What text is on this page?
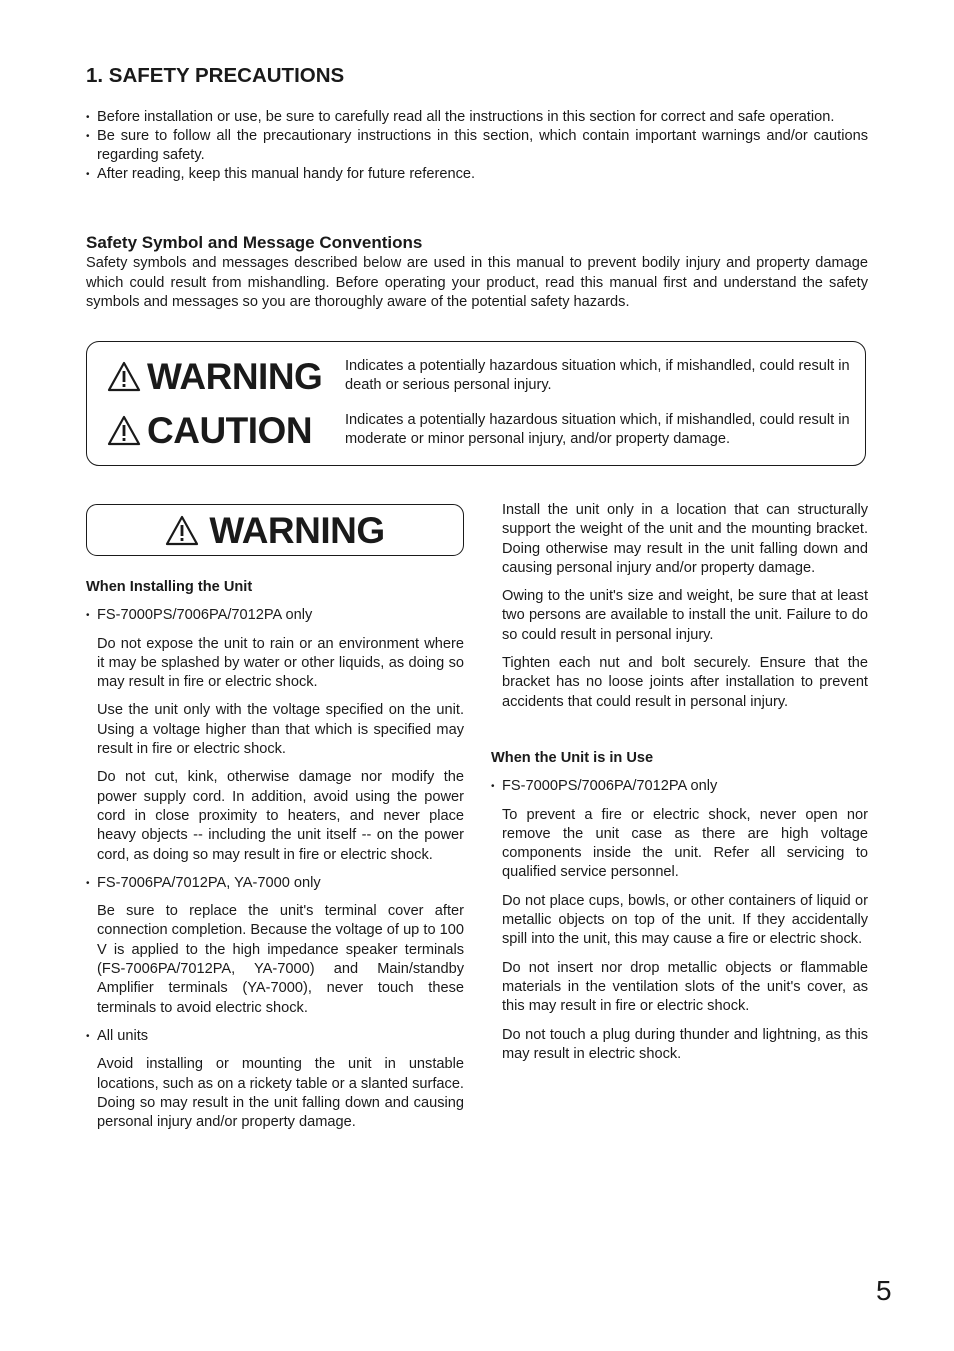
1. SAFETY PRECAUTIONS
• Before installation or use, be sure to carefully read all the instructions in this section for correct and safe operation.
• Be sure to follow all the precautionary instructions in this section, which contain important warnings and/or cautions regarding safety.
• After reading, keep this manual handy for future reference.
Safety Symbol and Message Conventions

Safety symbols and messages described below are used in this manual to prevent bodily injury and property damage which could result from mishandling. Before operating your product, read this manual first and understand the safety symbols and messages so you are thoroughly aware of the potential safety hazards.

WARNING Indicates a potentially hazardous situation which, if mishandled, could result in death or serious personal injury.

CAUTION Indicates a potentially hazardous situation which, if mishandled, could result in moderate or minor personal injury, and/or property damage.

WARNING
When Installing the Unit
• FS-7000PS/7006PA/7012PA only

Do not expose the unit to rain or an environment where it may be splashed by water or other liquids, as doing so may result in fire or electric shock.

Use the unit only with the voltage specified on the unit. Using a voltage higher than that which is specified may result in fire or electric shock.

Do not cut, kink, otherwise damage nor modify the power supply cord. In addition, avoid using the power cord in close proximity to heaters, and never place heavy objects -- including the unit itself -- on the power cord, as doing so may result in fire or electric shock.

• FS-7006PA/7012PA, YA-7000 only

Be sure to replace the unit's terminal cover after connection completion. Because the voltage of up to 100 V is applied to the high impedance speaker terminals (FS-7006PA/7012PA, YA-7000) and Main/standby Amplifier terminals (YA-7000), never touch these terminals to avoid electric shock.

• All units

Avoid installing or mounting the unit in unstable locations, such as on a rickety table or a slanted surface. Doing so may result in the unit falling down and causing personal injury and/or property damage.

Install the unit only in a location that can structurally support the weight of the unit and the mounting bracket. Doing otherwise may result in the unit falling down and causing personal injury and/or property damage.

Owing to the unit's size and weight, be sure that at least two persons are available to install the unit. Failure to do so could result in personal injury.

Tighten each nut and bolt securely. Ensure that the bracket has no loose joints after installation to prevent accidents that could result in personal injury.

When the Unit is in Use
• FS-7000PS/7006PA/7012PA only

To prevent a fire or electric shock, never open nor remove the unit case as there are high voltage components inside the unit. Refer all servicing to qualified service personnel.

Do not place cups, bowls, or other containers of liquid or metallic objects on top of the unit. If they accidentally spill into the unit, this may cause a fire or electric shock.

Do not insert nor drop metallic objects or flammable materials in the ventilation slots of the unit's cover, as this may result in fire or electric shock.

Do not touch a plug during thunder and lightning, as this may result in electric shock.

5
